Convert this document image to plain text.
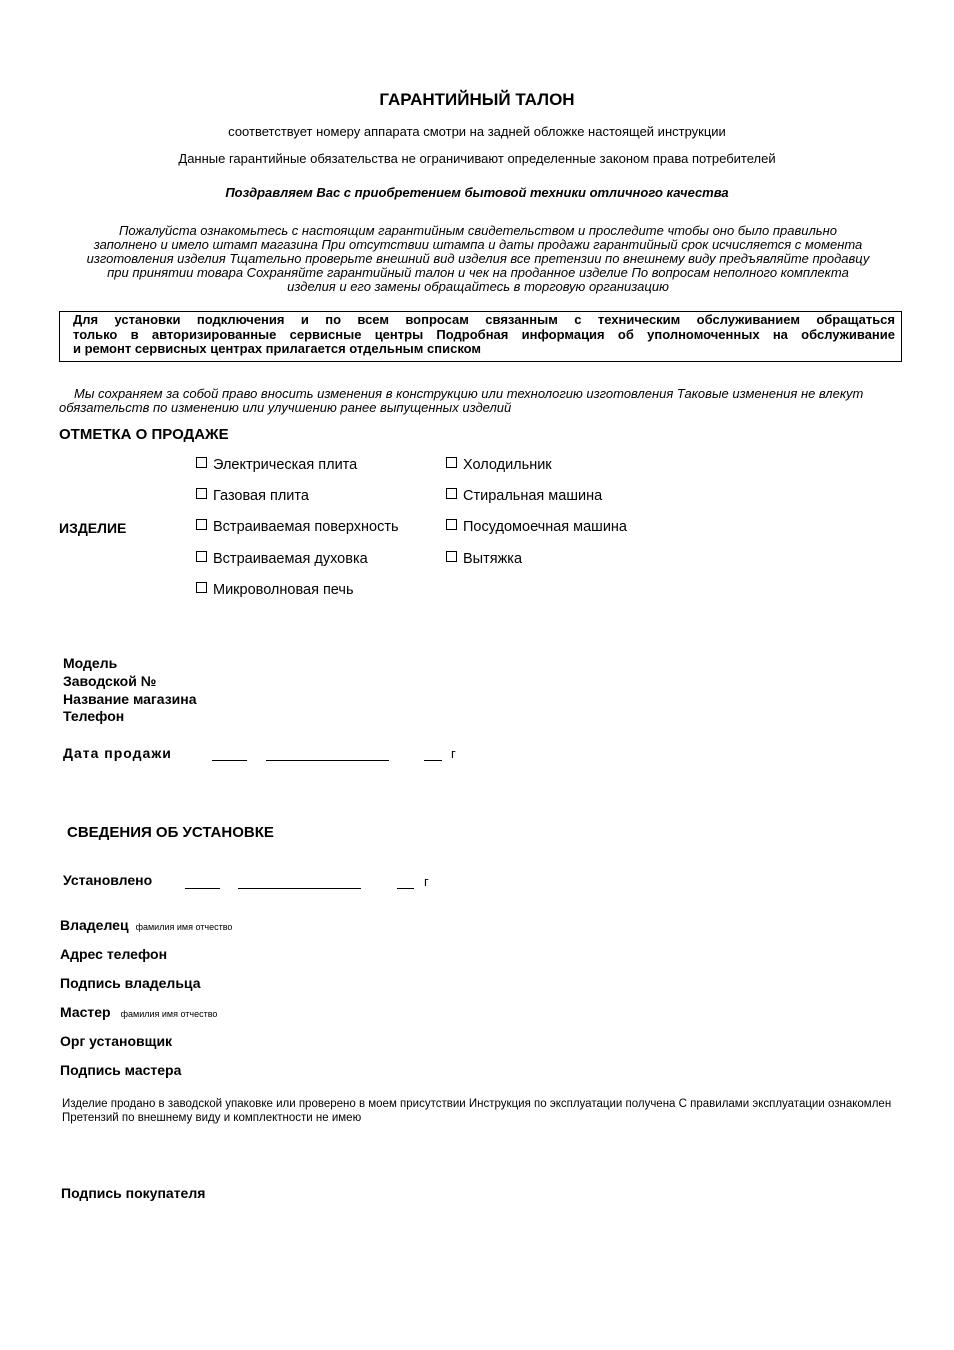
ГАРАНТИЙНЫЙ ТАЛОН
соответствует номеру аппарата смотри на задней обложке настоящей инструкции
Данные гарантийные обязательства не ограничивают определенные законом права потребителей
Поздравляем Вас с приобретением бытовой техники отличного качества
Пожалуйста ознакомьтесь с настоящим гарантийным свидетельством и проследите чтобы оно было правильно заполнено и имело штамп магазина При отсутствии штампа и даты продажи гарантийный срок исчисляется с момента изготовления изделия Тщательно проверьте внешний вид изделия все претензии по внешнему виду предъявляйте продавцу при принятии товара Сохраняйте гарантийный талон и чек на проданное изделие По вопросам неполного комплекта изделия и его замены обращайтесь в торговую организацию
Для установки подключения и по всем вопросам связанным с техническим обслуживанием обращаться
только в авторизированные сервисные центры Подробная информация об уполномоченных на обслуживание
и ремонт сервисных центрах прилагается отдельным списком
Мы сохраняем за собой право вносить изменения в конструкцию или технологию изготовления Таковые изменения не влекут обязательств по изменению или улучшению ранее выпущенных изделий
ОТМЕТКА О ПРОДАЖЕ
ИЗДЕЛИЕ
Электрическая плита
Газовая плита
Встраиваемая поверхность
Встраиваемая духовка
Микроволновая печь
Холодильник
Стиральная машина
Посудомоечная машина
Вытяжка
Модель
Заводской №
Название магазина
Телефон
Дата продажи	г
СВЕДЕНИЯ ОБ УСТАНОВКЕ
Установлено	г
Владелец фамилия имя отчество
Адрес телефон
Подпись владельца
Мастер фамилия имя отчество
Орг установщик
Подпись мастера
Изделие продано в заводской упаковке или проверено в моем присутствии Инструкция по эксплуатации получена С правилами эксплуатации ознакомлен Претензий по внешнему виду и комплектности не имею
Подпись покупателя
